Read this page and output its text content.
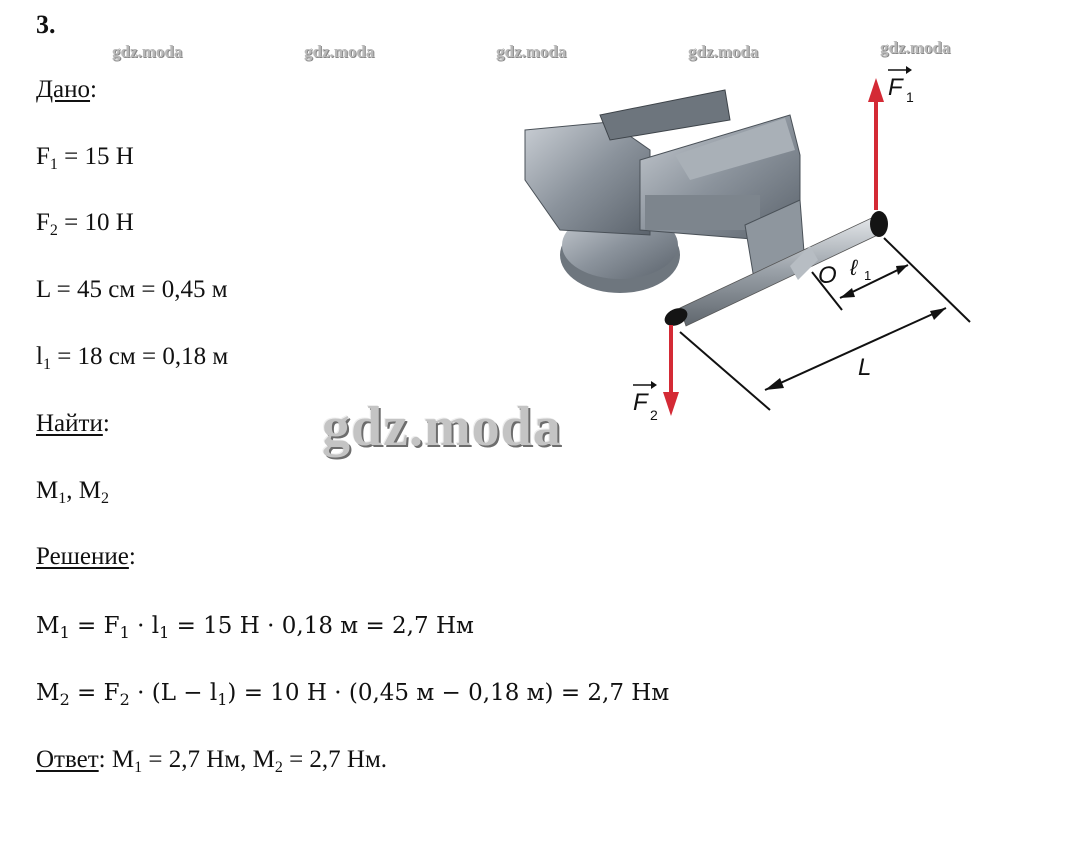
3.
gdz.moda	gdz.moda	gdz.moda	gdz.moda	gdz.moda
Дано:
$F_1 = 15$ Н
$F_2 = 10$ Н
L = 45 см = 0,45 м
$l_1 = 18$ см = 0,18 м
Найти:
$M_1$, $M_2$
Решение:
$M_1 = F_1 \cdot l_1 = 15$ Н · 0,18 м = 2,7 Нм
$M_2 = F_2 \cdot (L - l_1) = 10$ Н · (0,45 м − 0,18 м) = 2,7 Нм
Ответ: $M_1 = 2,7$ Нм, $M_2 = 2,7$ Нм.
F 1
F 2
O ℓ 1
L
gdz.moda
